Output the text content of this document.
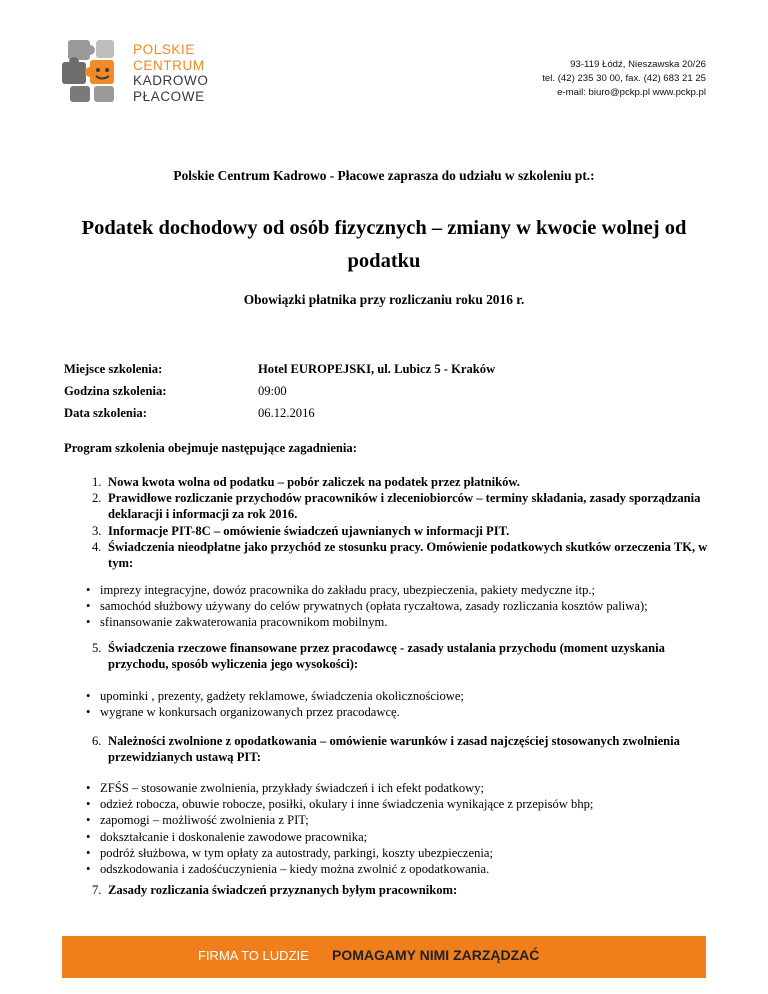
POLSKIE
CENTRUM
KADROWO
PŁACOWE
93-119 Łódź, Nieszawska 20/26
tel. (42) 235 30 00, fax. (42) 683 21 25
e-mail: biuro@pckp.pl www.pckp.pl
Polskie Centrum Kadrowo - Płacowe zaprasza do udziału w szkoleniu pt.:
Podatek dochodowy od osób fizycznych – zmiany w kwocie wolnej od podatku
Obowiązki płatnika przy rozliczaniu roku 2016 r.
Miejsce szkolenia:	Hotel EUROPEJSKI, ul. Lubicz 5 - Kraków
Godzina szkolenia:	09:00
Data szkolenia:	06.12.2016
Program szkolenia obejmuje następujące zagadnienia:
1. Nowa kwota wolna od podatku – pobór zaliczek na podatek przez płatników.
2. Prawidłowe rozliczanie przychodów pracowników i zleceniobiorców – terminy składania, zasady sporządzania deklaracji i informacji za rok 2016.
3. Informacje PIT-8C – omówienie świadczeń ujawnianych w informacji PIT.
4. Świadczenia nieodpłatne jako przychód ze stosunku pracy. Omówienie podatkowych skutków orzeczenia TK, w tym:
• imprezy integracyjne, dowóz pracownika do zakładu pracy, ubezpieczenia, pakiety medyczne itp.;
• samochód służbowy używany do celów prywatnych (opłata ryczałtowa, zasady rozliczania kosztów paliwa);
• sfinansowanie zakwaterowania pracownikom mobilnym.
5. Świadczenia rzeczowe finansowane przez pracodawcę - zasady ustalania przychodu (moment uzyskania przychodu, sposób wyliczenia jego wysokości):
• upominki , prezenty, gadżety reklamowe, świadczenia okolicznościowe;
• wygrane w konkursach organizowanych przez pracodawcę.
6. Należności zwolnione z opodatkowania – omówienie warunków i zasad najczęściej stosowanych zwolnienia przewidzianych ustawą PIT:
• ZFŚS – stosowanie zwolnienia, przykłady świadczeń i ich efekt podatkowy;
• odzież robocza, obuwie robocze, posiłki, okulary i inne świadczenia wynikające z przepisów bhp;
• zapomogi – możliwość zwolnienia z PIT;
• dokształcanie i doskonalenie zawodowe pracownika;
• podróż służbowa, w tym opłaty za autostrady, parkingi, koszty ubezpieczenia;
• odszkodowania i zadośćuczynienia – kiedy można zwolnić z opodatkowania.
7. Zasady rozliczania świadczeń przyznanych byłym pracownikom:
FIRMA TO LUDZIE POMAGAMY NIMI ZARZĄDZAĆ
